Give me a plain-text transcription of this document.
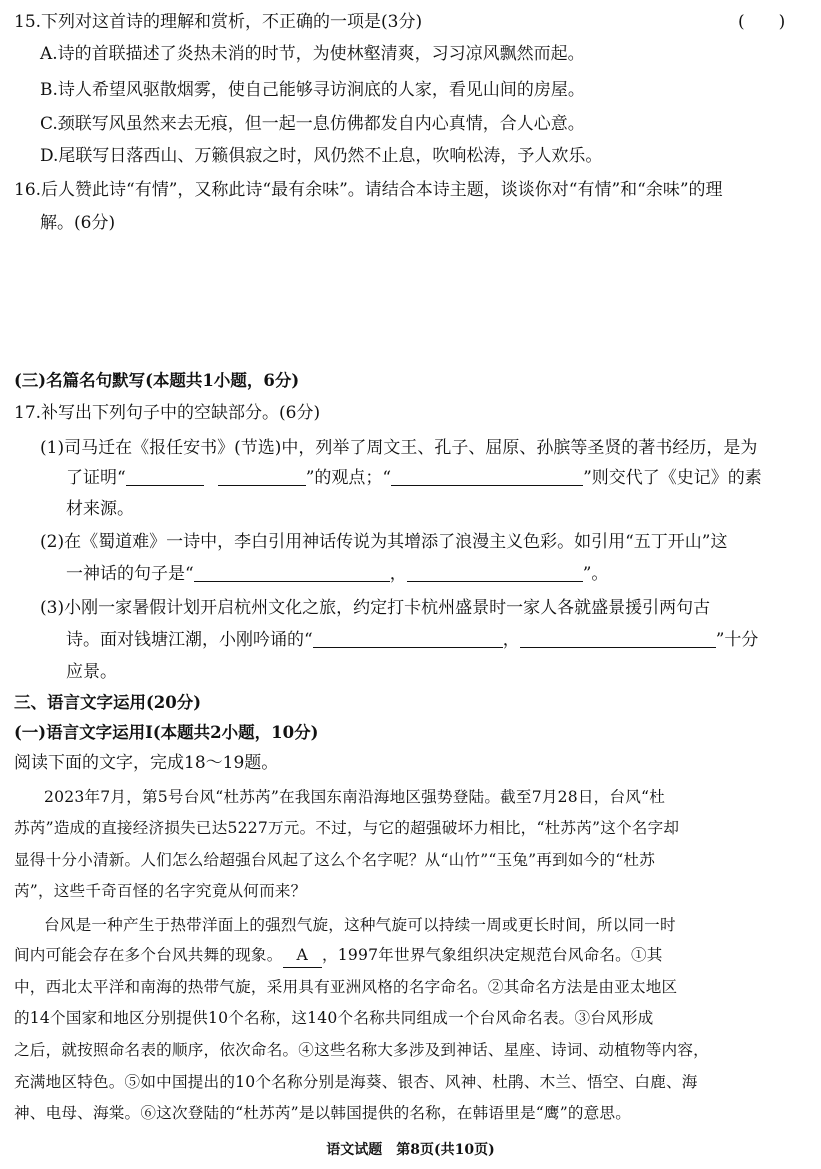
15.下列对这首诗的理解和赏析，不正确的一项是(3分)	(　　)
A.诗的首联描述了炎热未消的时节，为使林壑清爽，习习凉风飘然而起。
B.诗人希望风驱散烟雾，使自己能够寻访涧底的人家，看见山间的房屋。
C.颈联写风虽然来去无痕，但一起一息仿佛都发自内心真情，合人心意。
D.尾联写日落西山、万籁俱寂之时，风仍然不止息，吹响松涛，予人欢乐。
16.后人赞此诗“有情”，又称此诗“最有余味”。请结合本诗主题，谈谈你对“有情”和“余味”的理
解。(6分)
(三)名篇名句默写(本题共1小题，6分)
17.补写出下列句子中的空缺部分。(6分)
(1)司马迁在《报任安书》(节选)中，列举了周文王、孔子、屈原、孙膑等圣贤的著书经历，是为
了证明“	”的观点；“	”则交代了《史记》的素
材来源。
(2)在《蜀道难》一诗中，李白引用神话传说为其增添了浪漫主义色彩。如引用“五丁开山”这
一神话的句子是“	，	”。
(3)小刚一家暑假计划开启杭州文化之旅，约定打卡杭州盛景时一家人各就盛景援引两句古
诗。面对钱塘江潮，小刚吟诵的“	，	”十分
应景。
三、语言文字运用(20分)
(一)语言文字运用Ⅰ(本题共2小题，10分)
阅读下面的文字，完成18～19题。
2023年7月，第5号台风“杜苏芮”在我国东南沿海地区强势登陆。截至7月28日，台风“杜
苏芮”造成的直接经济损失已达5227万元。不过，与它的超强破坏力相比，“杜苏芮”这个名字却
显得十分小清新。人们怎么给超强台风起了这么个名字呢？从“山竹”“玉兔”再到如今的“杜苏
芮”，这些千奇百怪的名字究竟从何而来？
台风是一种产生于热带洋面上的强烈气旋，这种气旋可以持续一周或更长时间，所以同一时
间内可能会存在多个台风共舞的现象。 A ，1997年世界气象组织决定规范台风命名。①其
中，西北太平洋和南海的热带气旋，采用具有亚洲风格的名字命名。②其命名方法是由亚太地区
的14个国家和地区分别提供10个名称，这140个名称共同组成一个台风命名表。③台风形成
之后，就按照命名表的顺序，依次命名。④这些名称大多涉及到神话、星座、诗词、动植物等内容，
充满地区特色。⑤如中国提出的10个名称分别是海葵、银杏、风神、杜鹃、木兰、悟空、白鹿、海
神、电母、海棠。⑥这次登陆的“杜苏芮”是以韩国提供的名称，在韩语里是“鹰”的意思。
语文试题　第8页(共10页)
